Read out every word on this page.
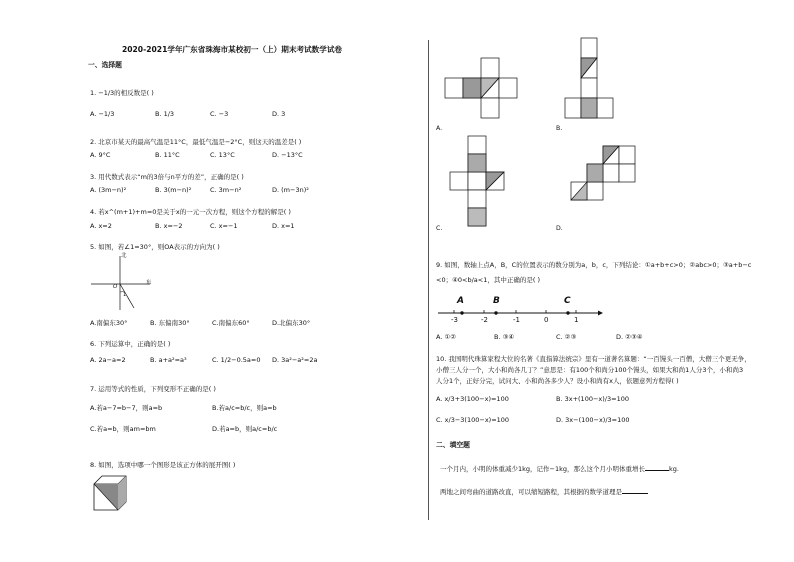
2020-2021学年广东省珠海市某校初一（上）期末考试数学试卷
一、选择题
1. −1/3的相反数是( )
A. −1/3	B. 1/3	C. −3	D. 3
2. 北京市某天的最高气温是11°C，最低气温是−2°C，则这天的温差是( )
A. 9°C	B. 11°C	C. 13°C	D. −13°C
3. 用代数式表示“m的3倍与n平方的差”，正确的是( )
A. (3m−n)²	B. 3(m−n)²	C. 3m−n²	D. (m−3n)²
4. 若x^(m+1)+m=0是关于x的一元一次方程，则这个方程的解是( )
A. x=2	B. x=−2	C. x=−1	D. x=1
5. 如图，若∠1=30°，则OA表示的方向为( )
北
东
O
1
A.南偏东30°	B. 东偏南30°	C.南偏东60°	D.北偏东30°
6. 下列运算中，正确的是( )
A. 2a−a=2	B. a+a²=a³	C. 1/2−0.5a=0 D. 3a²−a²=2a
7. 运用等式的性质，下列变形不正确的是( )
A.若a−7=b−7，则a=b	B.若a/c=b/c，则a=b
C.若a=b，则am=bm	D.若a=b，则a/c=b/c
8. 如图，选项中哪一个图形是该正方体的展开图( )
A.	B.
C.	D.
9. 如图，数轴上点A，B，C的位置表示的数分别为a，b，c，下列结论：①a+b+c>0；②abc>0；③a+b−c
<0；④0<b/a<1，其中正确的是( )
A	B	C
-3	-2	-1	0	1
A. ①②	B. ③④	C. ②③	D. ②③④
10. 我国明代珠算家程大位的名著《直指算法统宗》里有一道著名算题：“一百馒头一百僧，大僧三个更无争，
小僧三人分一个，大小和尚各几丁？”意思是：有100个和尚分100个馒头，如果大和尚1人分3个，小和尚3
人分1个，正好分完，试问大、小和尚各多少人？设小和尚有x人，依题意列方程得( )
A. x/3+3(100−x)=100	B. 3x+(100−x)/3=100
C. x/3−3(100−x)=100	D. 3x−(100−x)/3=100
二、填空题
一个月内，小明的体重减少1kg，记作−1kg，那么这个月小明体重增长	kg.
两地之间弯曲的道路改直，可以缩短路程，其根据的数学道理是
